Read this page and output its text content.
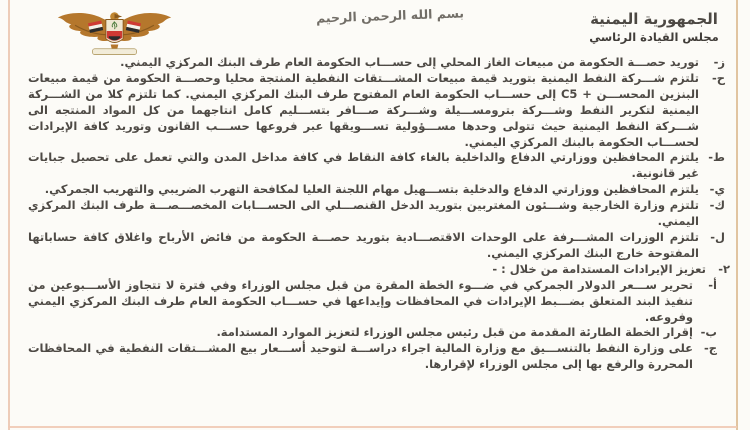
بسم الله الرحمن الرحيم	الجمهورية اليمنية
مجلس القيادة الرئاسي
ز-
توريد حصـــة الحكومة من مبيعات الغاز المحلي إلى حســـاب الحكومة العام طرف البنك المركزي اليمني.
ح-
تلتزم شـــركة النفط اليمنية بتوريد قيمة مبيعات المشـــتقات النفطية المنتجة محليا وحصـــة الحكومة من قيمة مبيعات البنزين المحســـن + C5 إلى حســـاب الحكومة العام المفتوح طرف البنك المركزي اليمني. كما تلتزم كلا من الشـــركة اليمنية لتكرير النفط وشـــركة بترومســـيلة وشـــركة صـــافر بتســـليم كامل انتاجهما من كل المواد المنتجه الى شـــركة النفط اليمنية حيث تتولى وحدها مســـؤولية تســـويقها عبر فروعها حســـب القانون وتوريد كافة الإيرادات لحســـاب الحكومة بالبنك المركزي اليمني.
ط-
يلتزم المحافظين ووزارتي الدفاع والداخلية بالغاء كافة النقاط في كافة مداخل المدن والتي تعمل على تحصيل جبايات غير قانونية.
ي-
يلتزم المحافظين ووزارتي الدفاع والدخلية بتســـهيل مهام اللجنة العليا لمكافحة التهرب الضريبي والتهريب الجمركي.
ك-
تلتزم وزارة الخارجية وشـــئون المغتربين بتوريد الدخل القنصـــلي الى الحســـابات المخصـــصـــة طرف البنك المركزي اليمني.
ل-
تلتزم الوزرات المشـــرفة على الوحدات الاقتصـــادية بتوريد حصـــة الحكومة من فائض الأرباح واغلاق كافة حساباتها المفتوحة خارج البنك المركزي اليمني.
٢-
تعزيز الإيرادات المستدامة من خلال : -
أ-
تحرير ســـعر الدولار الجمركي في ضـــوء الخطة المقرة من قبل مجلس الوزراء وفي فترة لا تتجاوز الأســـبوعين من تنفيذ البند المتعلق بضـــبط الإيرادات في المحافظات وإيداعها في حســـاب الحكومة العام طرف البنك المركزي اليمني وفروعه.
ب-
إقرار الخطة الطارئة المقدمة من قبل رئيس مجلس الوزراء لتعزيز الموارد المستدامة.
ج-
على وزارة النفط بالتنســـيق مع وزارة المالية اجراء دراســـة لتوحيد أســـعار بيع المشـــتقات النفطية في المحافظات المحررة والرفع بها إلى مجلس الوزراء لإقرارها.
